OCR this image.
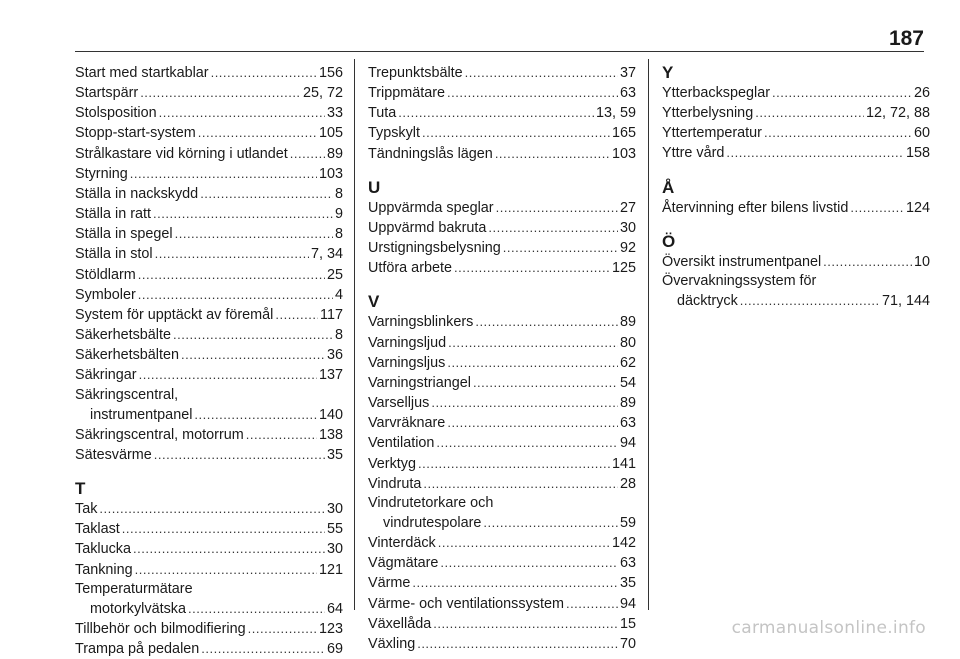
187
Start med startkablar .....	156
Startspärr .....	25, 72
Stolsposition .....	33
Stopp-start-system .....	105
Strålkastare vid körning i utlandet .....	89
Styrning .....	103
Ställa in nackskydd .....	8
Ställa in ratt .....	9
Ställa in spegel .....	8
Ställa in stol .....	7, 34
Stöldlarm .....	25
Symboler .....	4
System för upptäckt av föremål .....	117
Säkerhetsbälte .....	8
Säkerhetsbälten .....	36
Säkringar .....	137
Säkringscentral,
instrumentpanel .....	140
Säkringscentral, motorrum .....	138
Sätesvärme .....	35
T
Tak .....	30
Taklast .....	55
Taklucka .....	30
Tankning .....	121
Temperaturmätare
motorkylvätska .....	64
Tillbehör och bilmodifiering .....	123
Trampa på pedalen .....	69
Trepunktsbälte .....	37
Trippmätare .....	63
Tuta .....	13, 59
Typskylt .....	165
Tändningslås lägen .....	103
U
Uppvärmda speglar .....	27
Uppvärmd bakruta .....	30
Urstigningsbelysning .....	92
Utföra arbete .....	125
V
Varningsblinkers .....	89
Varningsljud .....	80
Varningsljus .....	62
Varningstriangel .....	54
Varselljus .....	89
Varvräknare .....	63
Ventilation .....	94
Verktyg .....	141
Vindruta .....	28
Vindrutetorkare och
vindrutespolare .....	59
Vinterdäck .....	142
Vägmätare .....	63
Värme .....	35
Värme- och ventilationssystem .....	94
Växellåda .....	15
Växling .....	70
Y
Ytterbackspeglar .....	26
Ytterbelysning .....	12, 72, 88
Yttertemperatur .....	60
Yttre vård .....	158
Å
Återvinning efter bilens livstid .....	124
Ö
Översikt instrumentpanel .....	10
Övervakningssystem för
däcktryck .....	71, 144
carmanualsonline.info
